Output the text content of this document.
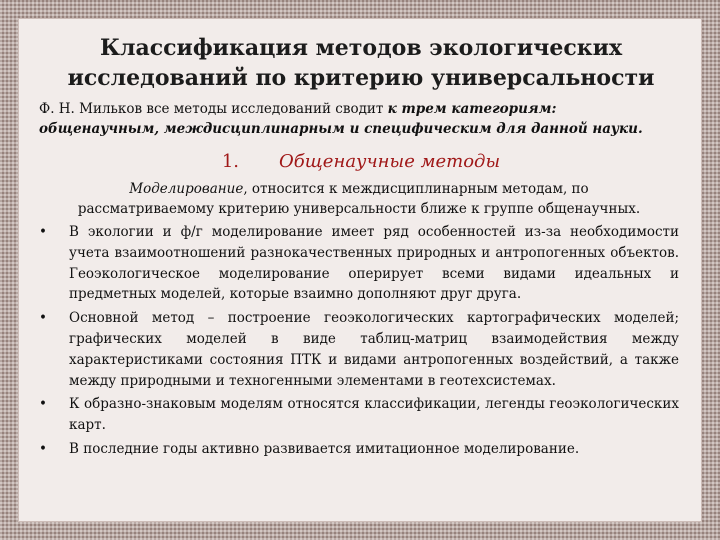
Классификация методов экологических
исследований по критерию универсальности
Ф. Н. Мильков все методы исследований сводит к трем категориям:
общенаучным, междисциплинарным и специфическим для данной науки.
1. Общенаучные методы
Моделирование, относится к междисциплинарным методам, по
рассматриваемому критерию универсальности ближе к группе общенаучных.
•	В экологии и ф/г моделирование имеет ряд особенностей из-за необходимости учета взаимоотношений разнокачественных природных и антропогенных объектов. Геоэкологическое моделирование оперирует всеми видами идеальных и предметных моделей, которые взаимно дополняют друг друга.
•	Основной метод – построение геоэкологических картографических моделей; графических моделей в виде таблиц-матриц взаимодействия между характеристиками состояния ПТК и видами антропогенных воздействий, а также между природными и техногенными элементами в геотехсистемах.
•	К образно-знаковым моделям относятся классификации, легенды геоэкологических карт.
•	В последние годы активно развивается имитационное моделирование.
